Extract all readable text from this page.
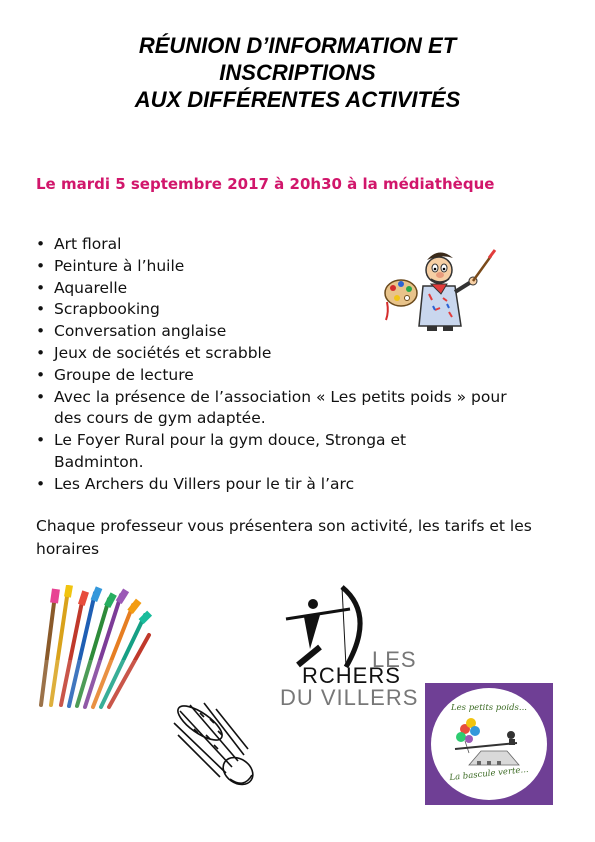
RÉUNION D’INFORMATION ET
INSCRIPTIONS
AUX DIFFÉRENTES ACTIVITÉS
Le mardi 5 septembre 2017 à 20h30 à la médiathèque
• Art floral
• Peinture à l’huile
• Aquarelle
• Scrapbooking
• Conversation anglaise
• Jeux de sociétés et scrabble
• Groupe de lecture
• Avec la présence de l’association « Les petits poids » pour des cours de gym adaptée.
• Le Foyer Rural pour la gym douce, Stronga et Badminton.
• Les Archers du Villers pour le tir à l’arc
Chaque professeur vous présentera son activité, les tarifs et les horaires
LES
RCHERS
DU VILLERS	Les petits poids...
La bascule verte...
